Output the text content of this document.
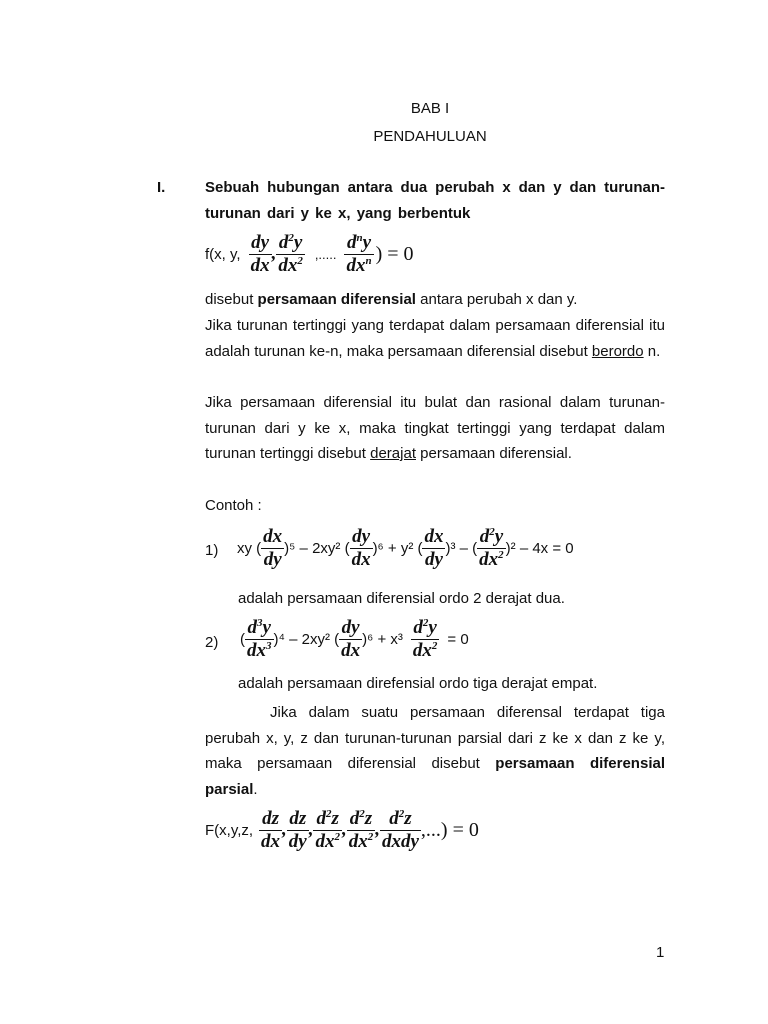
BAB I
PENDAHULUAN
I.	Sebuah hubungan antara dua perubah x dan y dan turunan-turunan dari y ke x, yang berbentuk
f(x, y, $\frac{dy}{dx}$ , $\frac{d^2y}{dx^2}$ ,..... $\frac{d^ny}{dx^n}$ ) = 0
disebut persamaan diferensial antara perubah x dan y.
Jika turunan tertinggi yang terdapat dalam persamaan diferensial itu adalah turunan ke-n, maka persamaan diferensial disebut berordo n.
Jika persamaan diferensial itu bulat dan rasional dalam turunan-turunan dari y ke x, maka tingkat tertinggi yang terdapat dalam turunan tertinggi disebut derajat persamaan diferensial.
Contoh :
1) xy ( $\frac{dx}{dy} )^5 - 2xy^2$ ( $\frac{dy}{dx} )^6 + y^2$ ( $\frac{dx}{dy} )^3$ – ( $\frac{d^2y}{dx^2} )^2 - 4x = 0$
adalah persamaan diferensial ordo 2 derajat dua.
2) ( $\frac{d^3y}{dx^3} )^4 - 2xy^2$ ( $\frac{dy}{dx} )^6 + x^3 \frac{d^2y}{dx^2} = 0$
adalah persamaan direfensial ordo tiga derajat empat.
Jika dalam suatu persamaan diferensal terdapat tiga perubah x, y, z dan turunan-turunan parsial dari z ke x dan z ke y, maka persamaan diferensial disebut persamaan diferensial parsial.
F(x,y,z, $\frac{dz}{dx}$ , $\frac{dz}{dy}$ , $\frac{d^2z}{dx^2}$ , $\frac{d^2z}{dx^2}$ , $\frac{d^2z}{\text{dxdy}}$ ,...) = 0
1
